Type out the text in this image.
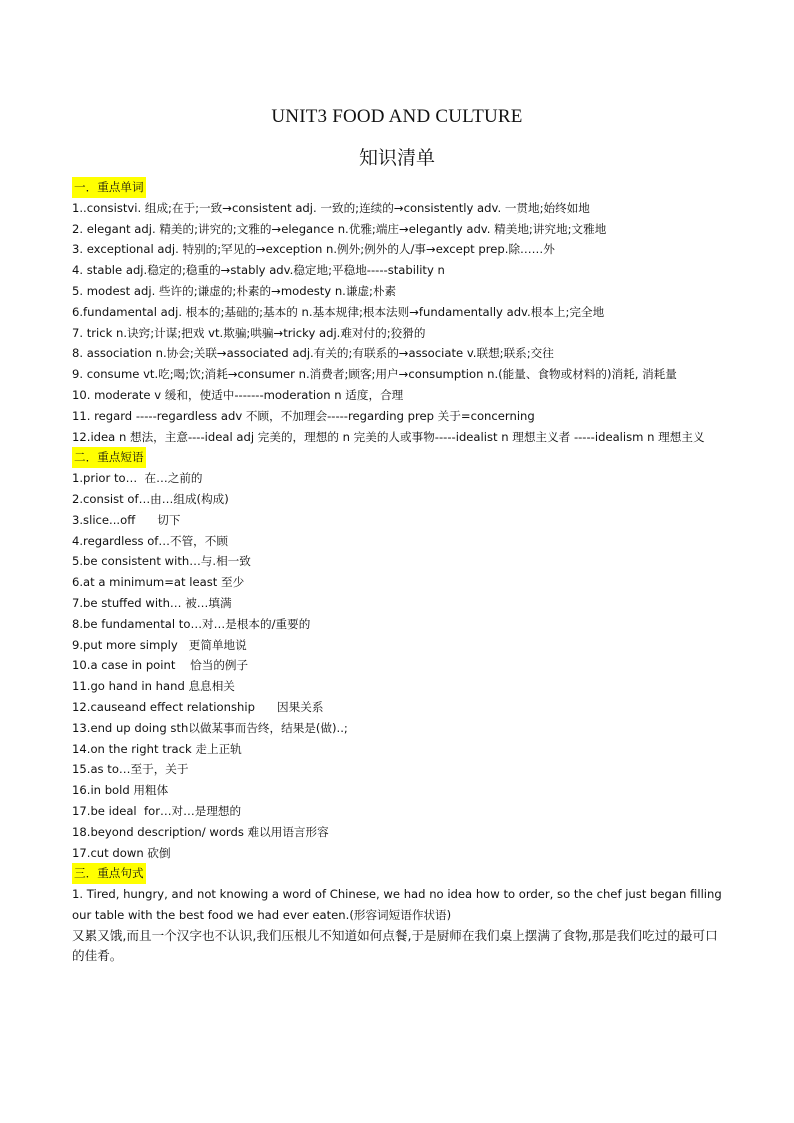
UNIT3 FOOD AND CULTURE
知识清单
一．重点单词
1..consistvi. 组成;在于;一致→consistent adj. 一致的;连续的→consistently adv. 一贯地;始终如地
2. elegant adj. 精美的;讲究的;文雅的→elegance n.优雅;端庄→elegantly adv. 精美地;讲究地;文雅地
3. exceptional adj. 特别的;罕见的→exception n.例外;例外的人/事→except prep.除……外
4. stable adj.稳定的;稳重的→stably adv.稳定地;平稳地-----stability n
5. modest adj. 些许的;谦虚的;朴素的→modesty n.谦虚;朴素
6.fundamental adj. 根本的;基础的;基本的 n.基本规律;根本法则→fundamentally adv.根本上;完全地
7. trick n.诀窍;计谋;把戏 vt.欺骗;哄骗→tricky adj.难对付的;狡猾的
8. association n.协会;关联→associated adj.有关的;有联系的→associate v.联想;联系;交往
9. consume vt.吃;喝;饮;消耗→consumer n.消费者;顾客;用户→consumption n.(能量、食物或材料的)消耗, 消耗量
10. moderate v 缓和，使适中-------moderation n 适度，合理
11. regard -----regardless adv 不顾，不加理会-----regarding prep 关于=concerning
12.idea n 想法，主意----ideal adj 完美的，理想的 n 完美的人或事物-----idealist n 理想主义者 -----idealism n 理想主义
二．重点短语
1.prior to…  在…之前的
2.consist of…由…组成(构成)
3.slice...off      切下
4.regardless of…不管，不顾
5.be consistent with…与.相一致
6.at a minimum=at least 至少
7.be stuffed with… 被…填满
8.be fundamental to…对…是根本的/重要的
9.put more simply   更简单地说
10.a case in point    恰当的例子
11.go hand in hand 息息相关
12.causeand effect relationship      因果关系
13.end up doing sth以做某事而告终，结果是(做)..;
14.on the right track 走上正轨
15.as to…至于，关于
16.in bold 用粗体
17.be ideal  for…对…是理想的
18.beyond description/ words 难以用语言形容
17.cut down 砍倒
三．重点句式
1. Tired, hungry, and not knowing a word of Chinese, we had no idea how to order, so the chef just began filling our table with the best food we had ever eaten.(形容词短语作状语)
又累又饿,而且一个汉字也不认识,我们压根儿不知道如何点餐,于是厨师在我们桌上摆满了食物,那是我们吃过的最可口的佳肴。
